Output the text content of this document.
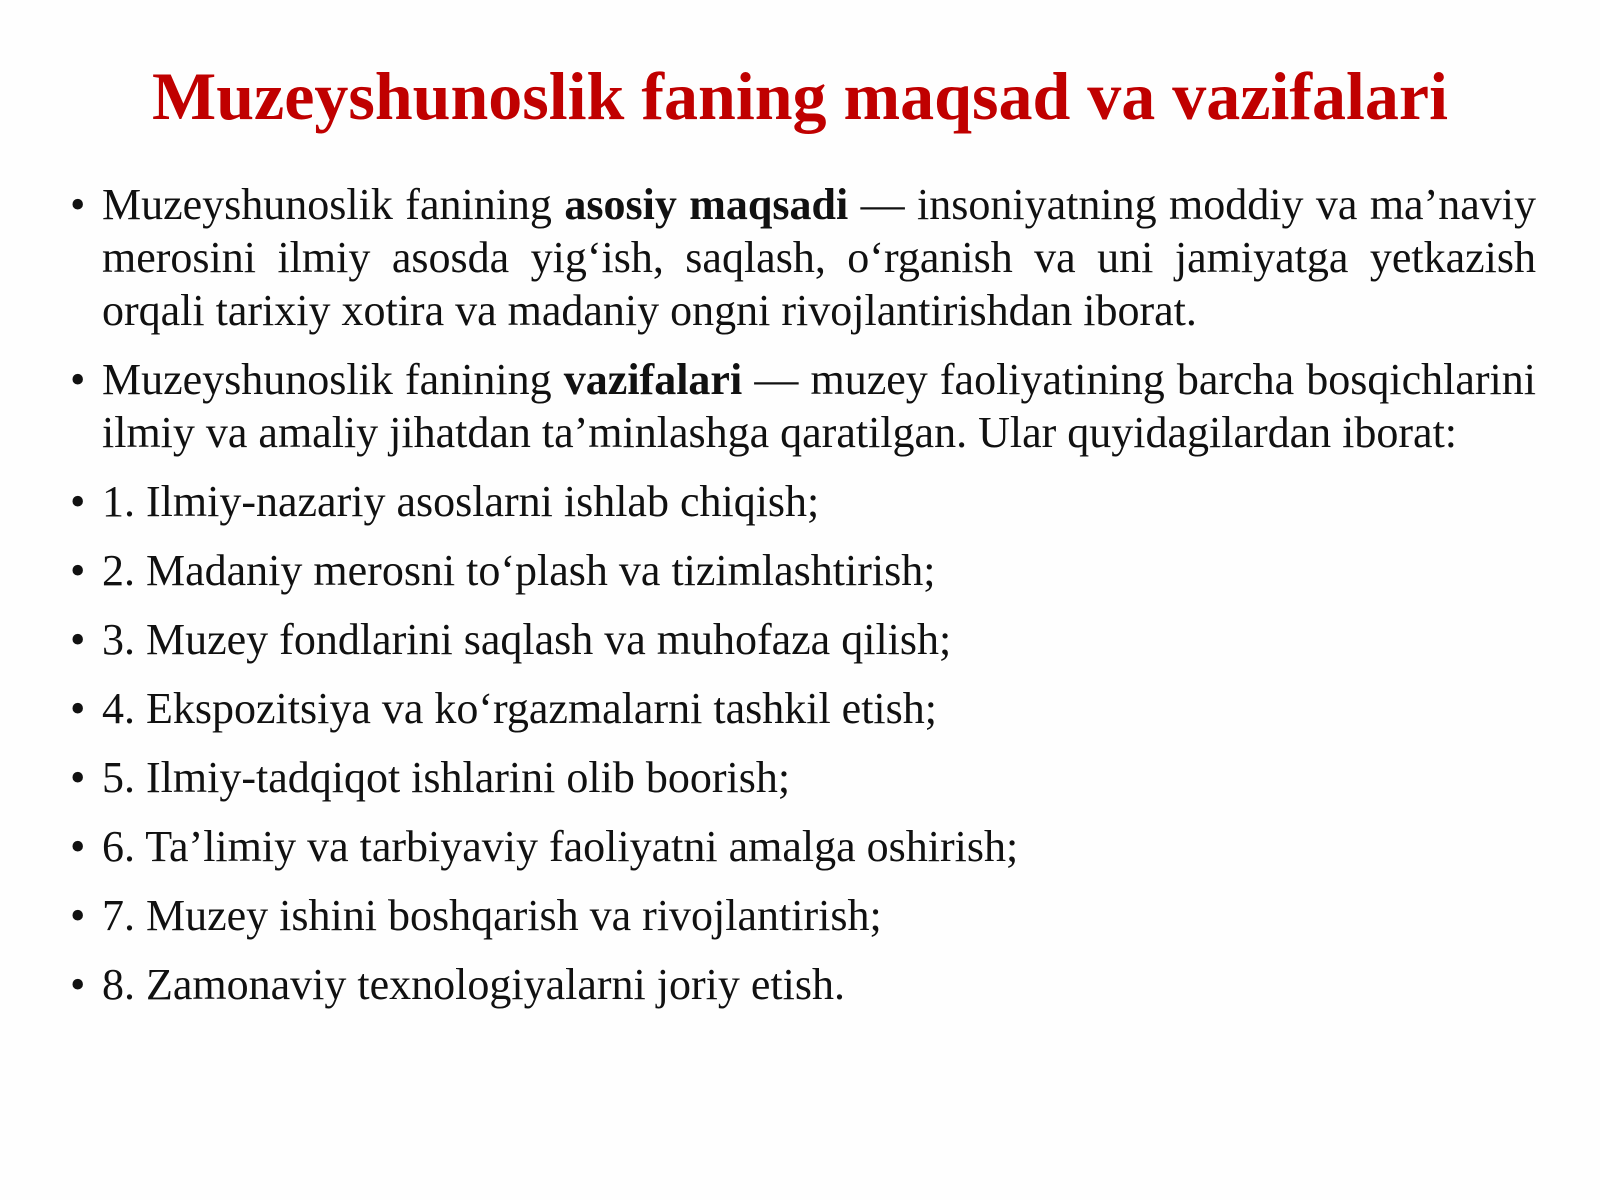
Muzeyshunoslik faning maqsad va vazifalari
• Muzeyshunoslik fanining asosiy maqsadi — insoniyatning moddiy va ma’naviy merosini ilmiy asosda yig‘ish, saqlash, o‘rganish va uni jamiyatga yetkazish orqali tarixiy xotira va madaniy ongni rivojlantirishdan iborat.
• Muzeyshunoslik fanining vazifalari — muzey faoliyatining barcha bosqichlarini ilmiy va amaliy jihatdan ta’minlashga qaratilgan. Ular quyidagilardan iborat:
• 1. Ilmiy-nazariy asoslarni ishlab chiqish;
• 2. Madaniy merosni to‘plash va tizimlashtirish;
• 3. Muzey fondlarini saqlash va muhofaza qilish;
• 4. Ekspozitsiya va ko‘rgazmalarni tashkil etish;
• 5. Ilmiy-tadqiqot ishlarini olib boorish;
• 6. Ta’limiy va tarbiyaviy faoliyatni amalga oshirish;
• 7. Muzey ishini boshqarish va rivojlantirish;
• 8. Zamonaviy texnologiyalarni joriy etish.
